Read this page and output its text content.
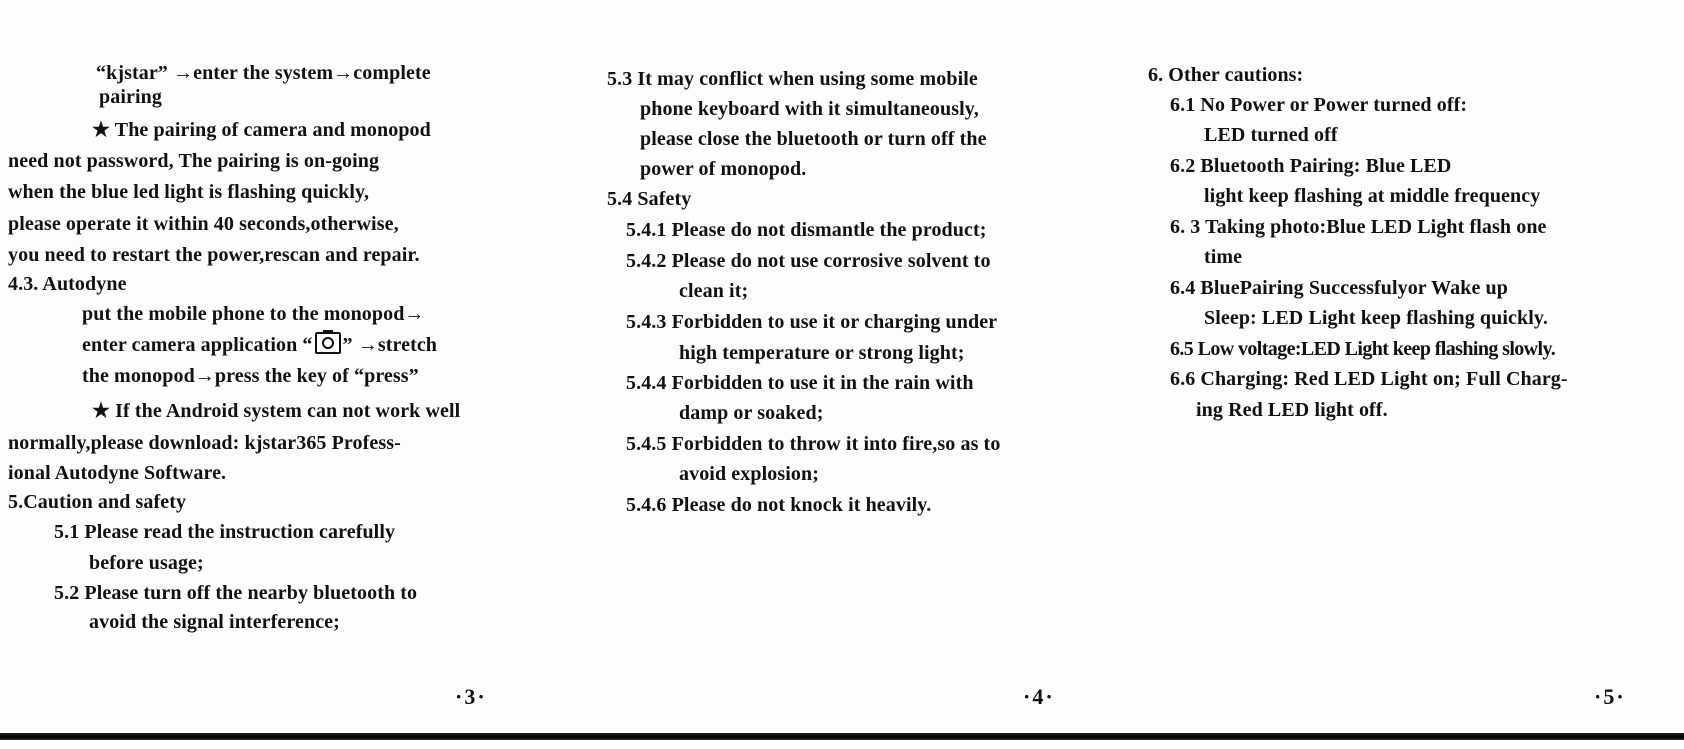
“kjstar” →enter the system→complete
pairing
★ The pairing of camera and monopod
need not password, The pairing is on-going
when the blue led light is flashing quickly,
please operate it within 40 seconds,otherwise,
you need to restart the power,rescan and repair.
4.3. Autodyne
put the mobile phone to the monopod→
enter camera application “ ” →stretch
the monopod→press the key of “press”
★ If the Android system can not work well
normally,please download: kjstar365 Profess-
ional Autodyne Software.
5.Caution and safety
5.1 Please read the instruction carefully
before usage;
5.2 Please turn off the nearby bluetooth to
avoid the signal interference;
·3·
5.3 It may conflict when using some mobile
phone keyboard with it simultaneously,
please close the bluetooth or turn off the
power of monopod.
5.4 Safety
5.4.1 Please do not dismantle the product;
5.4.2 Please do not use corrosive solvent to
clean it;
5.4.3 Forbidden to use it or charging under
high temperature or strong light;
5.4.4 Forbidden to use it in the rain with
damp or soaked;
5.4.5 Forbidden to throw it into fire,so as to
avoid explosion;
5.4.6 Please do not knock it heavily.
·4·
6. Other cautions:
6.1 No Power or Power turned off:
LED turned off
6.2 Bluetooth Pairing: Blue LED
light keep flashing at middle frequency
6. 3 Taking photo:Blue LED Light flash one
time
6.4 BluePairing Successfulyor Wake up
Sleep: LED Light keep flashing quickly.
6.5 Low voltage:LED Light keep flashing slowly.
6.6 Charging: Red LED Light on; Full Charg-
ing Red LED light off.
·5·
